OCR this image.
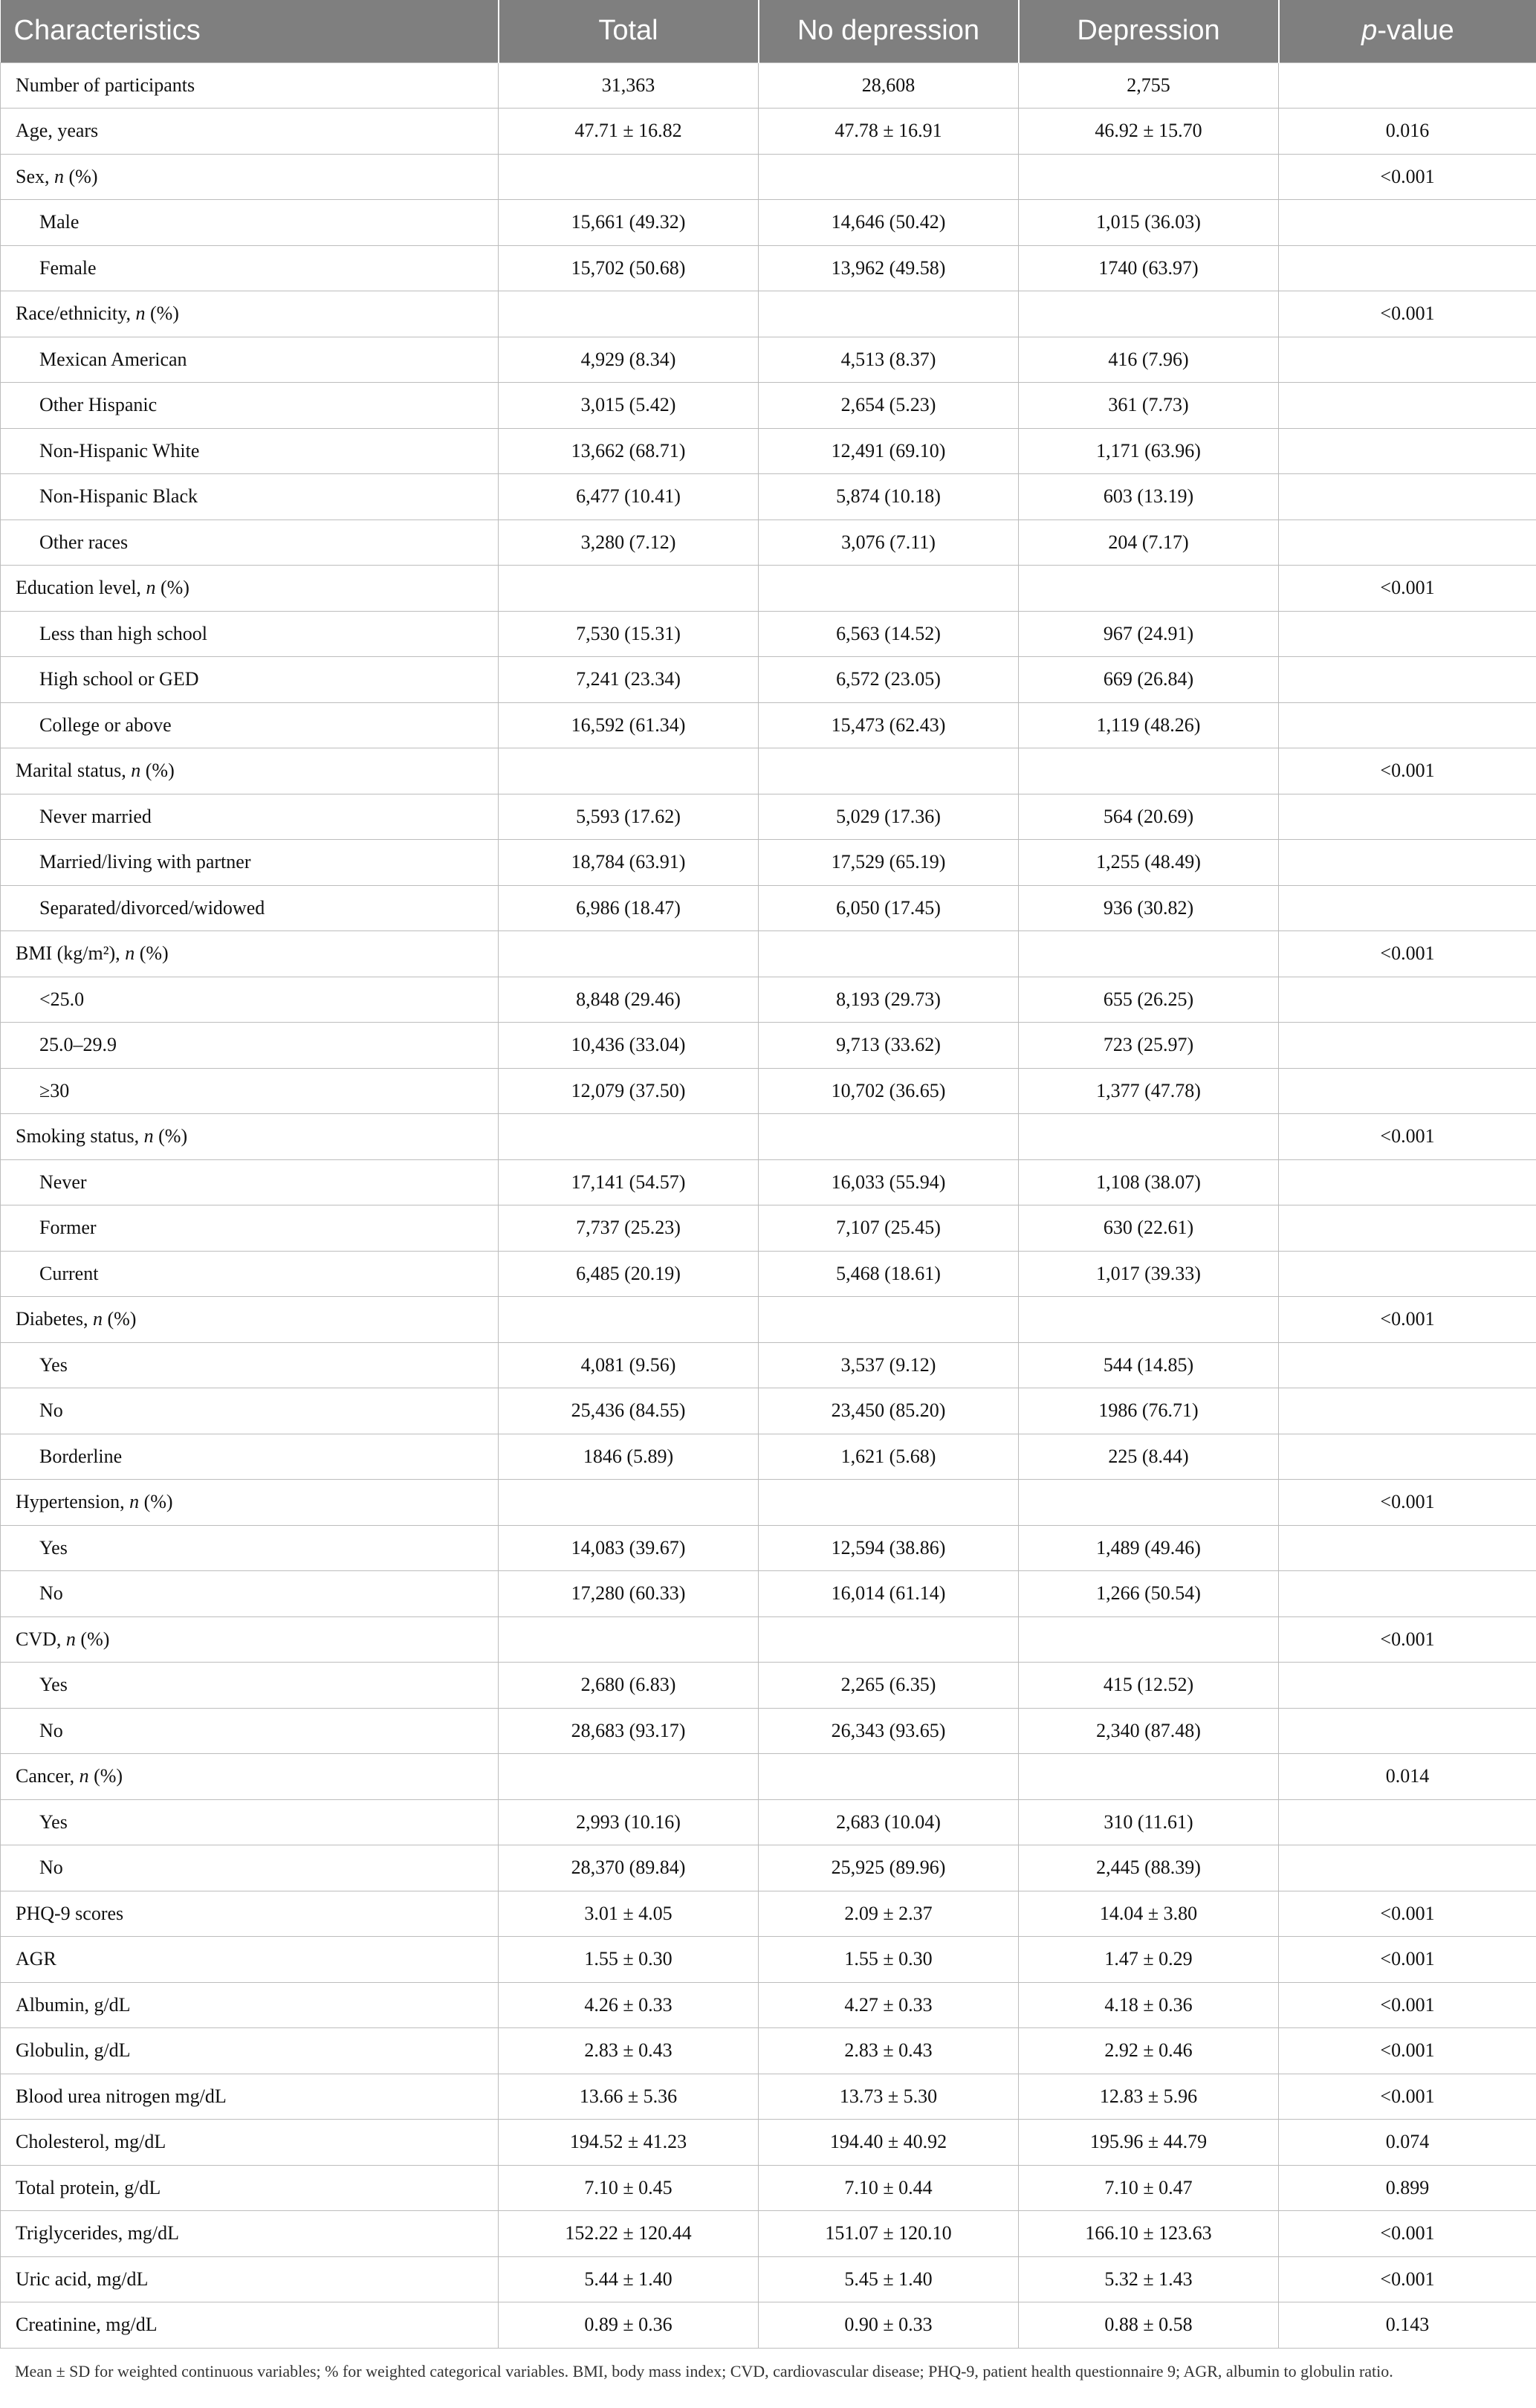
Characteristics	Total	No depression	Depression	p-value
Number of participants	31,363	28,608	2,755	
Age, years	47.71 ± 16.82	47.78 ± 16.91	46.92 ± 15.70	0.016
Sex, n (%)				<0.001
Male	15,661 (49.32)	14,646 (50.42)	1,015 (36.03)	
Female	15,702 (50.68)	13,962 (49.58)	1740 (63.97)	
Race/ethnicity, n (%)				<0.001
Mexican American	4,929 (8.34)	4,513 (8.37)	416 (7.96)	
Other Hispanic	3,015 (5.42)	2,654 (5.23)	361 (7.73)	
Non-Hispanic White	13,662 (68.71)	12,491 (69.10)	1,171 (63.96)	
Non-Hispanic Black	6,477 (10.41)	5,874 (10.18)	603 (13.19)	
Other races	3,280 (7.12)	3,076 (7.11)	204 (7.17)	
Education level, n (%)				<0.001
Less than high school	7,530 (15.31)	6,563 (14.52)	967 (24.91)	
High school or GED	7,241 (23.34)	6,572 (23.05)	669 (26.84)	
College or above	16,592 (61.34)	15,473 (62.43)	1,119 (48.26)	
Marital status, n (%)				<0.001
Never married	5,593 (17.62)	5,029 (17.36)	564 (20.69)	
Married/living with partner	18,784 (63.91)	17,529 (65.19)	1,255 (48.49)	
Separated/divorced/widowed	6,986 (18.47)	6,050 (17.45)	936 (30.82)	
BMI (kg/m²), n (%)				<0.001
<25.0	8,848 (29.46)	8,193 (29.73)	655 (26.25)	
25.0–29.9	10,436 (33.04)	9,713 (33.62)	723 (25.97)	
≥30	12,079 (37.50)	10,702 (36.65)	1,377 (47.78)	
Smoking status, n (%)				<0.001
Never	17,141 (54.57)	16,033 (55.94)	1,108 (38.07)	
Former	7,737 (25.23)	7,107 (25.45)	630 (22.61)	
Current	6,485 (20.19)	5,468 (18.61)	1,017 (39.33)	
Diabetes, n (%)				<0.001
Yes	4,081 (9.56)	3,537 (9.12)	544 (14.85)	
No	25,436 (84.55)	23,450 (85.20)	1986 (76.71)	
Borderline	1846 (5.89)	1,621 (5.68)	225 (8.44)	
Hypertension, n (%)				<0.001
Yes	14,083 (39.67)	12,594 (38.86)	1,489 (49.46)	
No	17,280 (60.33)	16,014 (61.14)	1,266 (50.54)	
CVD, n (%)				<0.001
Yes	2,680 (6.83)	2,265 (6.35)	415 (12.52)	
No	28,683 (93.17)	26,343 (93.65)	2,340 (87.48)	
Cancer, n (%)				0.014
Yes	2,993 (10.16)	2,683 (10.04)	310 (11.61)	
No	28,370 (89.84)	25,925 (89.96)	2,445 (88.39)	
PHQ-9 scores	3.01 ± 4.05	2.09 ± 2.37	14.04 ± 3.80	<0.001
AGR	1.55 ± 0.30	1.55 ± 0.30	1.47 ± 0.29	<0.001
Albumin, g/dL	4.26 ± 0.33	4.27 ± 0.33	4.18 ± 0.36	<0.001
Globulin, g/dL	2.83 ± 0.43	2.83 ± 0.43	2.92 ± 0.46	<0.001
Blood urea nitrogen mg/dL	13.66 ± 5.36	13.73 ± 5.30	12.83 ± 5.96	<0.001
Cholesterol, mg/dL	194.52 ± 41.23	194.40 ± 40.92	195.96 ± 44.79	0.074
Total protein, g/dL	7.10 ± 0.45	7.10 ± 0.44	7.10 ± 0.47	0.899
Triglycerides, mg/dL	152.22 ± 120.44	151.07 ± 120.10	166.10 ± 123.63	<0.001
Uric acid, mg/dL	5.44 ± 1.40	5.45 ± 1.40	5.32 ± 1.43	<0.001
Creatinine, mg/dL	0.89 ± 0.36	0.90 ± 0.33	0.88 ± 0.58	0.143
Mean ± SD for weighted continuous variables; % for weighted categorical variables. BMI, body mass index; CVD, cardiovascular disease; PHQ-9, patient health questionnaire 9; AGR, albumin to globulin ratio.
